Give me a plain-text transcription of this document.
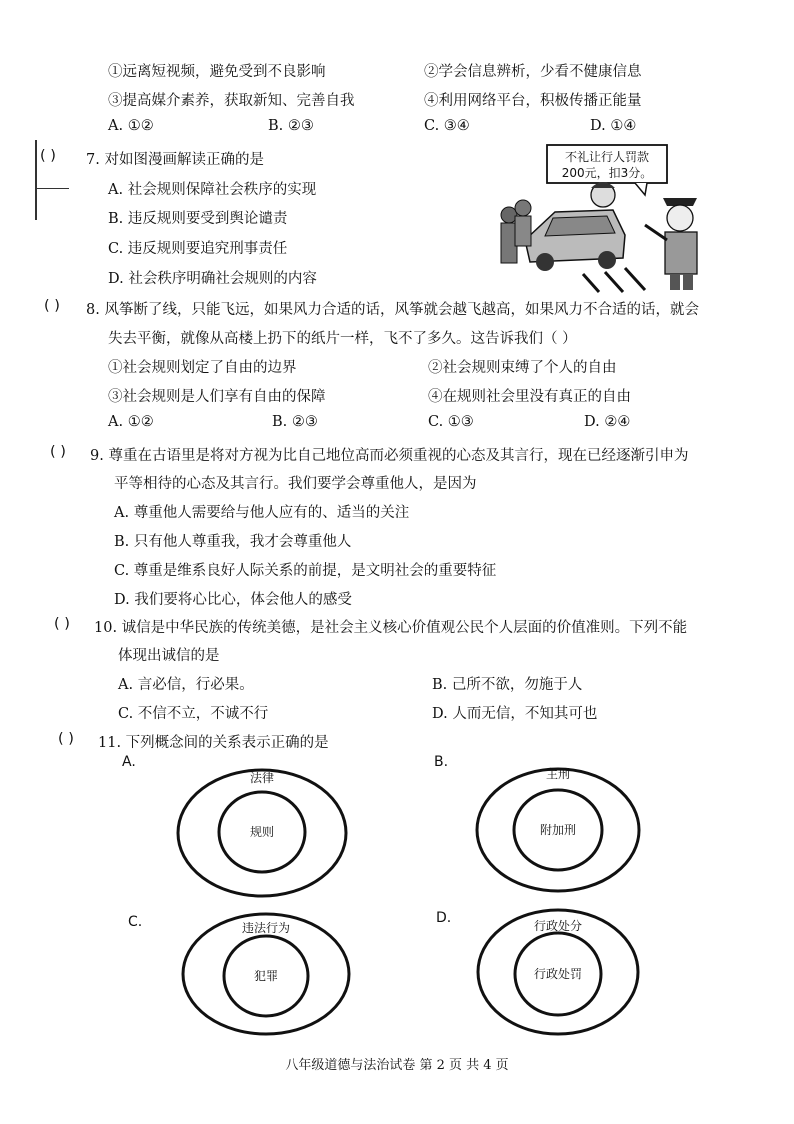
①远离短视频，避免受到不良影响	②学会信息辨析，少看不健康信息
③提高媒介素养，获取新知、完善自我	④利用网络平台，积极传播正能量
A. ①②	B. ②③	C. ③④	D. ①④
( ) 7. 对如图漫画解读正确的是
A. 社会规则保障社会秩序的实现
B. 违反规则要受到舆论谴责
C. 违反规则要追究刑事责任
D. 社会秩序明确社会规则的内容
不礼让行人罚款
200元，扣3分。
( ) 8. 风筝断了线，只能飞远，如果风力合适的话，风筝就会越飞越高，如果风力不合适的话，就会
失去平衡，就像从高楼上扔下的纸片一样，飞不了多久。这告诉我们（ ）
①社会规则划定了自由的边界	②社会规则束缚了个人的自由
③社会规则是人们享有自由的保障	④在规则社会里没有真正的自由
A. ①②	B. ②③	C. ①③	D. ②④
( ) 9. 尊重在古语里是将对方视为比自己地位高而必须重视的心态及其言行，现在已经逐渐引申为
平等相待的心态及其言行。我们要学会尊重他人，是因为
A. 尊重他人需要给与他人应有的、适当的关注
B. 只有他人尊重我，我才会尊重他人
C. 尊重是维系良好人际关系的前提，是文明社会的重要特征
D. 我们要将心比心，体会他人的感受
( ) 10. 诚信是中华民族的传统美德，是社会主义核心价值观公民个人层面的价值准则。下列不能
体现出诚信的是
A. 言必信，行必果。	B. 己所不欲，勿施于人
C. 不信不立，不诚不行	D. 人而无信，不知其可也
( ) 11. 下列概念间的关系表示正确的是
A.
法律
规则
B.
主刑
附加刑
C.	违法行为
犯罪
D.	行政处分
行政处罚
八年级道德与法治试卷 第 2 页 共 4 页
